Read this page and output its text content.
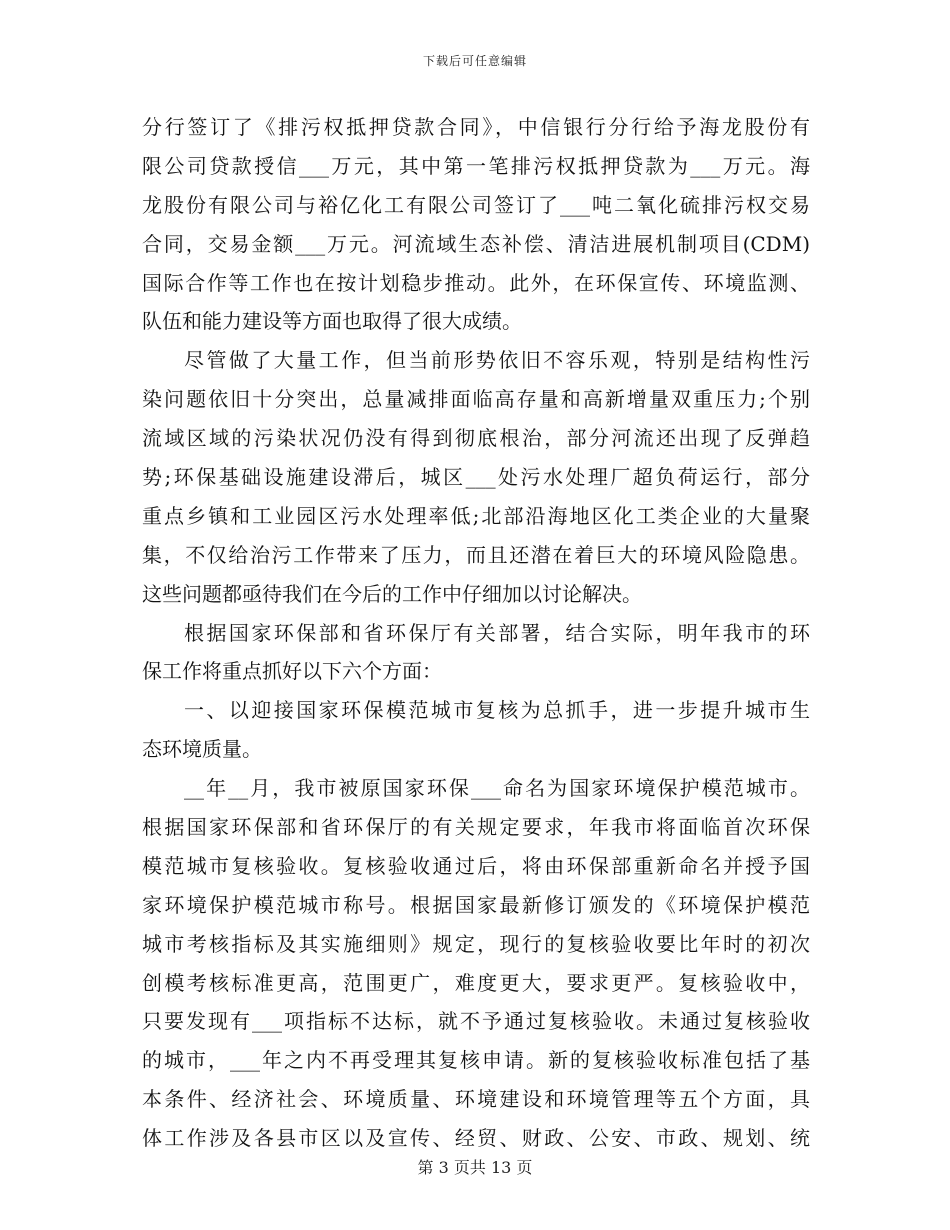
下载后可任意编辑
分行签订了《排污权抵押贷款合同》，中信银行分行给予海龙股份有
限公司贷款授信___万元，其中第一笔排污权抵押贷款为___万元。海
龙股份有限公司与裕亿化工有限公司签订了___吨二氧化硫排污权交易
合同，交易金额___万元。河流域生态补偿、清洁进展机制项目(CDM)
国际合作等工作也在按计划稳步推动。此外，在环保宣传、环境监测、
队伍和能力建设等方面也取得了很大成绩。
尽管做了大量工作，但当前形势依旧不容乐观，特别是结构性污
染问题依旧十分突出，总量减排面临高存量和高新增量双重压力;个别
流域区域的污染状况仍没有得到彻底根治，部分河流还出现了反弹趋
势;环保基础设施建设滞后，城区___处污水处理厂超负荷运行，部分
重点乡镇和工业园区污水处理率低;北部沿海地区化工类企业的大量聚
集，不仅给治污工作带来了压力，而且还潜在着巨大的环境风险隐患。
这些问题都亟待我们在今后的工作中仔细加以讨论解决。
根据国家环保部和省环保厅有关部署，结合实际，明年我市的环
保工作将重点抓好以下六个方面：
一、以迎接国家环保模范城市复核为总抓手，进一步提升城市生
态环境质量。
__年__月，我市被原国家环保___命名为国家环境保护模范城市。
根据国家环保部和省环保厅的有关规定要求，年我市将面临首次环保
模范城市复核验收。复核验收通过后，将由环保部重新命名并授予国
家环境保护模范城市称号。根据国家最新修订颁发的《环境保护模范
城市考核指标及其实施细则》规定，现行的复核验收要比年时的初次
创模考核标准更高，范围更广，难度更大，要求更严。复核验收中，
只要发现有___项指标不达标，就不予通过复核验收。未通过复核验收
的城市，___年之内不再受理其复核申请。新的复核验收标准包括了基
本条件、经济社会、环境质量、环境建设和环境管理等五个方面，具
体工作涉及各县市区以及宣传、经贸、财政、公安、市政、规划、统
第 3 页共 13 页
